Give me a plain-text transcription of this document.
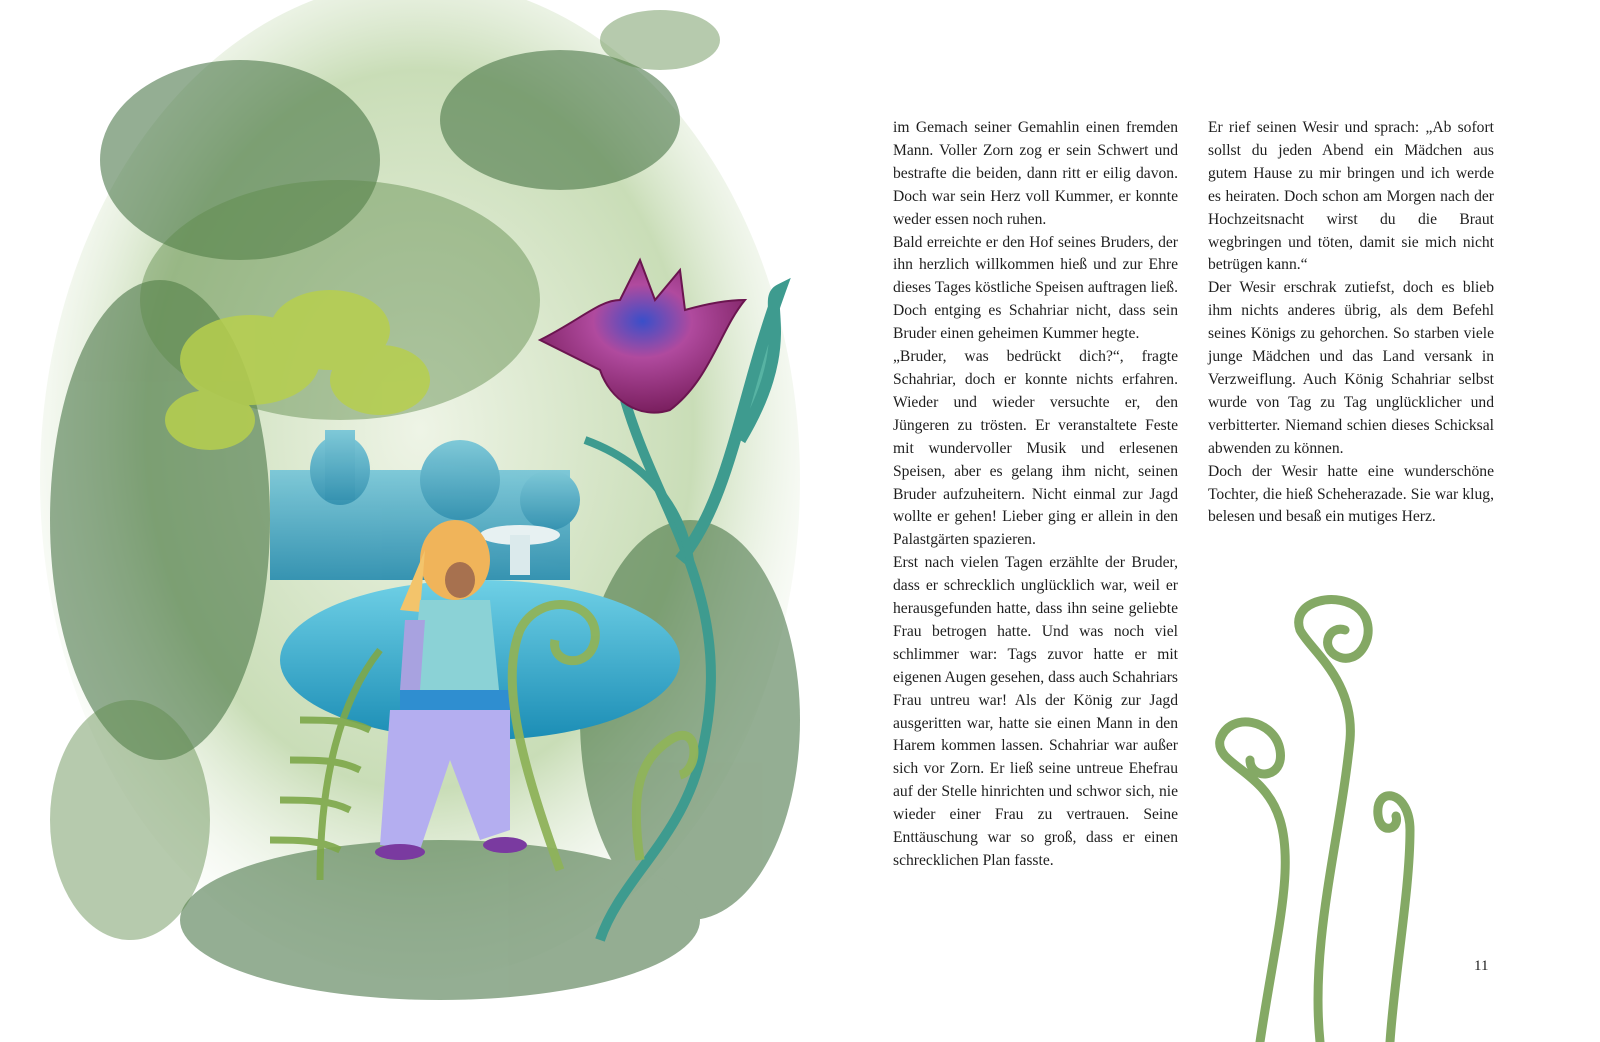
im Gemach seiner Gemahlin einen fremden Mann. Voller Zorn zog er sein Schwert und bestrafte die beiden, dann ritt er eilig davon. Doch war sein Herz voll Kummer, er konnte weder essen noch ruhen.

Bald erreichte er den Hof seines Bruders, der ihn herzlich willkommen hieß und zur Ehre dieses Tages köstliche Speisen auftragen ließ. Doch entging es Schahriar nicht, dass sein Bruder einen geheimen Kummer hegte.

„Bruder, was bedrückt dich?“, fragte Schahriar, doch er konnte nichts erfahren. Wieder und wieder versuchte er, den Jüngeren zu trösten. Er veranstaltete Feste mit wundervoller Musik und erlesenen Speisen, aber es gelang ihm nicht, seinen Bruder aufzuheitern. Nicht einmal zur Jagd wollte er gehen! Lieber ging er allein in den Palastgärten spazieren.

Erst nach vielen Tagen erzählte der Bruder, dass er schrecklich unglücklich war, weil er herausgefunden hatte, dass ihn seine geliebte Frau betrogen hatte. Und was noch viel schlimmer war: Tags zuvor hatte er mit eigenen Augen gesehen, dass auch Schahriars Frau untreu war! Als der König zur Jagd ausgeritten war, hatte sie einen Mann in den Harem kommen lassen. Schahriar war außer sich vor Zorn. Er ließ seine untreue Ehefrau auf der Stelle hinrichten und schwor sich, nie wieder einer Frau zu vertrauen. Seine Enttäuschung war so groß, dass er einen schrecklichen Plan fasste.

Er rief seinen Wesir und sprach: „Ab sofort sollst du jeden Abend ein Mädchen aus gutem Hause zu mir bringen und ich werde es heiraten. Doch schon am Morgen nach der Hochzeitsnacht wirst du die Braut wegbringen und töten, damit sie mich nicht betrügen kann.“

Der Wesir erschrak zutiefst, doch es blieb ihm nichts anderes übrig, als dem Befehl seines Königs zu gehorchen. So starben viele junge Mädchen und das Land versank in Verzweiflung. Auch König Schahriar selbst wurde von Tag zu Tag unglücklicher und verbitterter. Niemand schien dieses Schicksal abwenden zu können.

Doch der Wesir hatte eine wunderschöne Tochter, die hieß Scheherazade. Sie war klug, belesen und besaß ein mutiges Herz.

11
